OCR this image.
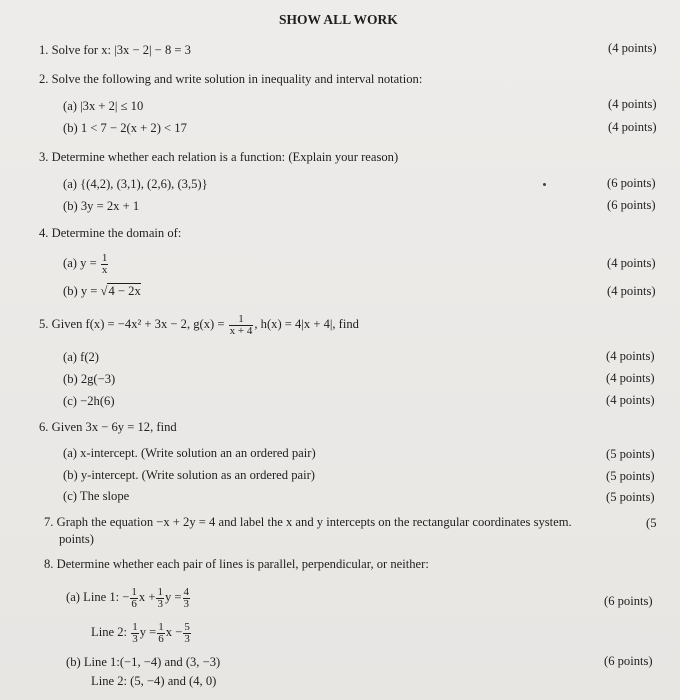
SHOW ALL WORK
1. Solve for x: |3x − 2| − 8 = 3	(4 points)
2. Solve the following and write solution in inequality and interval notation:
(a) |3x + 2| ≤ 10	(4 points)
(b) 1 < 7 − 2(x + 2) < 17	(4 points)
3. Determine whether each relation is a function: (Explain your reason)
(a) {(4,2), (3,1), (2,6), (3,5)}	(6 points)
(b) 3y = 2x + 1	(6 points)
4. Determine the domain of:
(a) $y = \frac{1}{x}$	(4 points)
(b) y = √4 − 2x	(4 points)
5. Given f(x) = −4x² + 3x − 2, $g(x) = \frac{1}{x + 4}$ , h(x) = 4|x + 4|, find
(a) f(2)	(4 points)
(b) 2g(−3)	(4 points)
(c) −2h(6)	(4 points)
6. Given 3x − 6y = 12, find
(a) x-intercept. (Write solution an an ordered pair)	(5 points)
(b) y-intercept. (Write solution as an ordered pair)	(5 points)
(c) The slope	(5 points)
7. Graph the equation −x + 2y = 4 and label the x and y intercepts on the rectangular coordinates system.	(5
points)
8. Determine whether each pair of lines is parallel, perpendicular, or neither:
(a) Line 1: − $\frac{1}{6}$ $x + \frac{1}{3}$ $y = \frac{4}{3}$	(6 points)
Line 2: $\frac{1}{3}$ $y = \frac{1}{6}$ $x - \frac{5}{3}$
(b) Line 1:(−1, −4) and (3, −3)	(6 points)
Line 2: (5, −4) and (4, 0)
